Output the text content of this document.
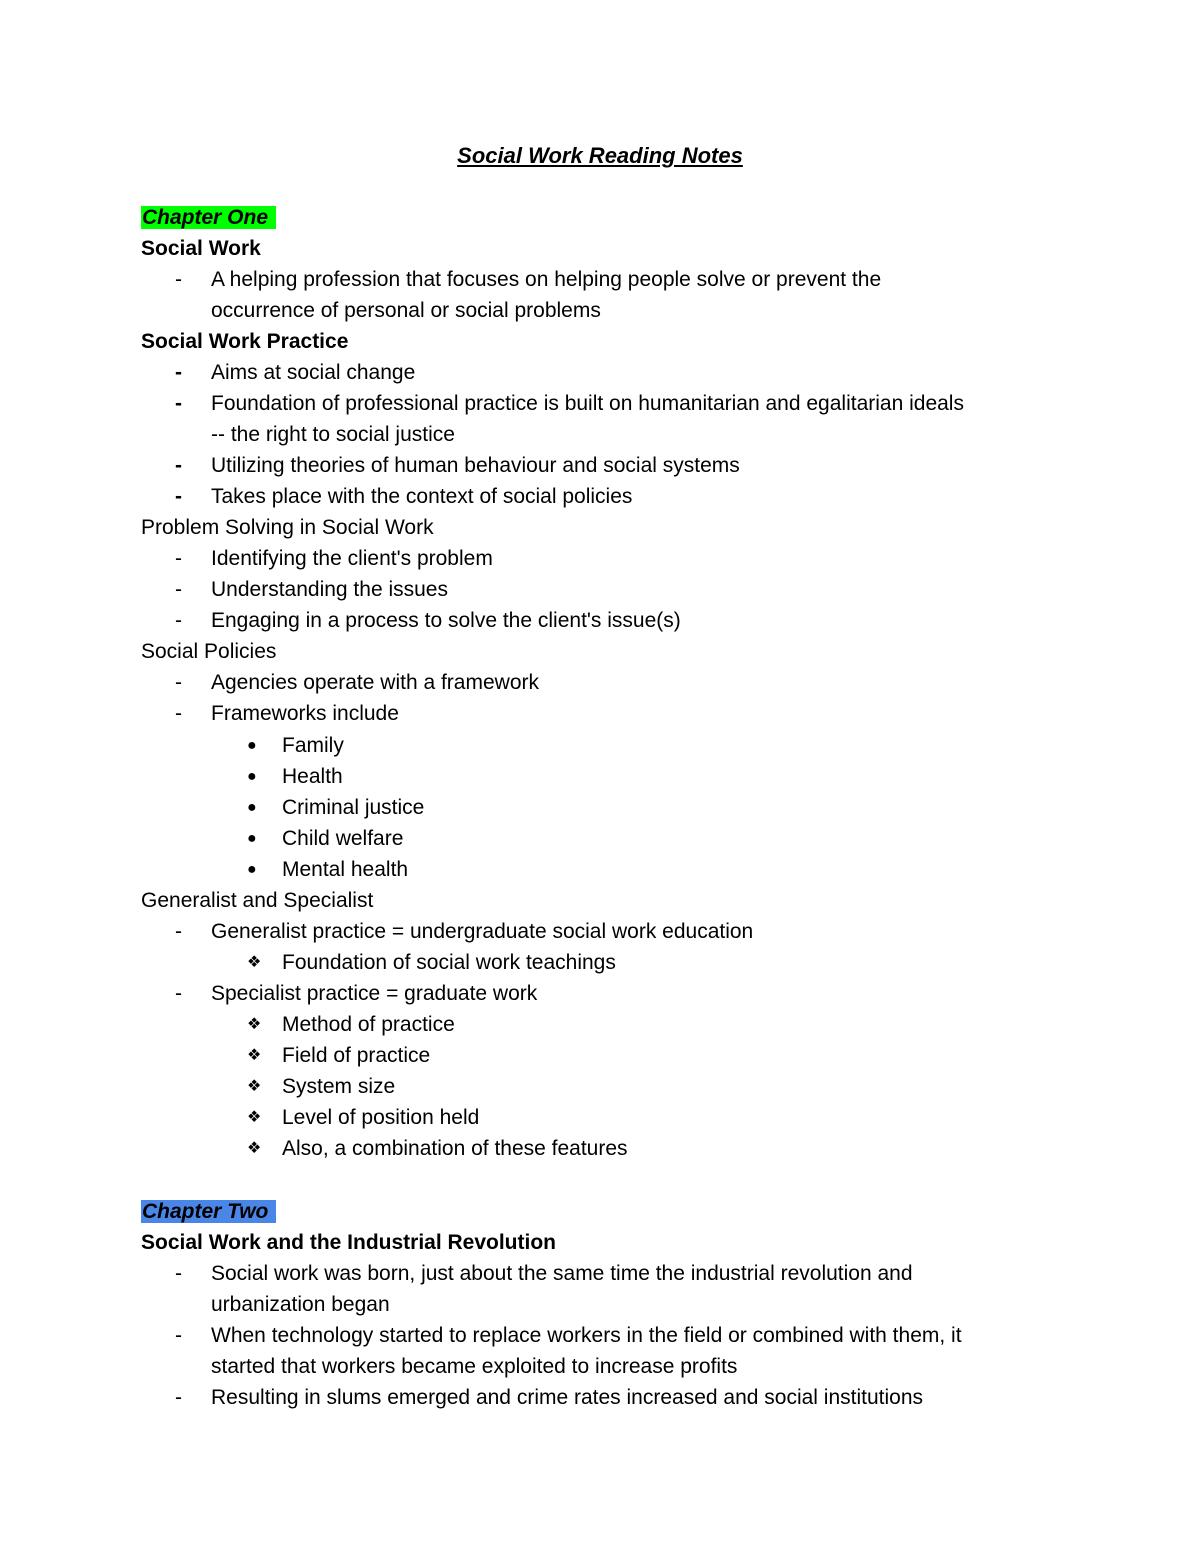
Social Work Reading Notes
Chapter One
Social Work
- A helping profession that focuses on helping people solve or prevent the
occurrence of personal or social problems
Social Work Practice
- Aims at social change
- Foundation of professional practice is built on humanitarian and egalitarian ideals
-- the right to social justice
- Utilizing theories of human behaviour and social systems
- Takes place with the context of social policies
Problem Solving in Social Work
- Identifying the client's problem
- Understanding the issues
- Engaging in a process to solve the client's issue(s)
Social Policies
- Agencies operate with a framework
- Frameworks include
● Family
● Health
● Criminal justice
● Child welfare
● Mental health
Generalist and Specialist
- Generalist practice = undergraduate social work education
❖ Foundation of social work teachings
- Specialist practice = graduate work
❖ Method of practice
❖ Field of practice
❖ System size
❖ Level of position held
❖ Also, a combination of these features
Chapter Two
Social Work and the Industrial Revolution
- Social work was born, just about the same time the industrial revolution and
urbanization began
- When technology started to replace workers in the field or combined with them, it
started that workers became exploited to increase profits
- Resulting in slums emerged and crime rates increased and social institutions
